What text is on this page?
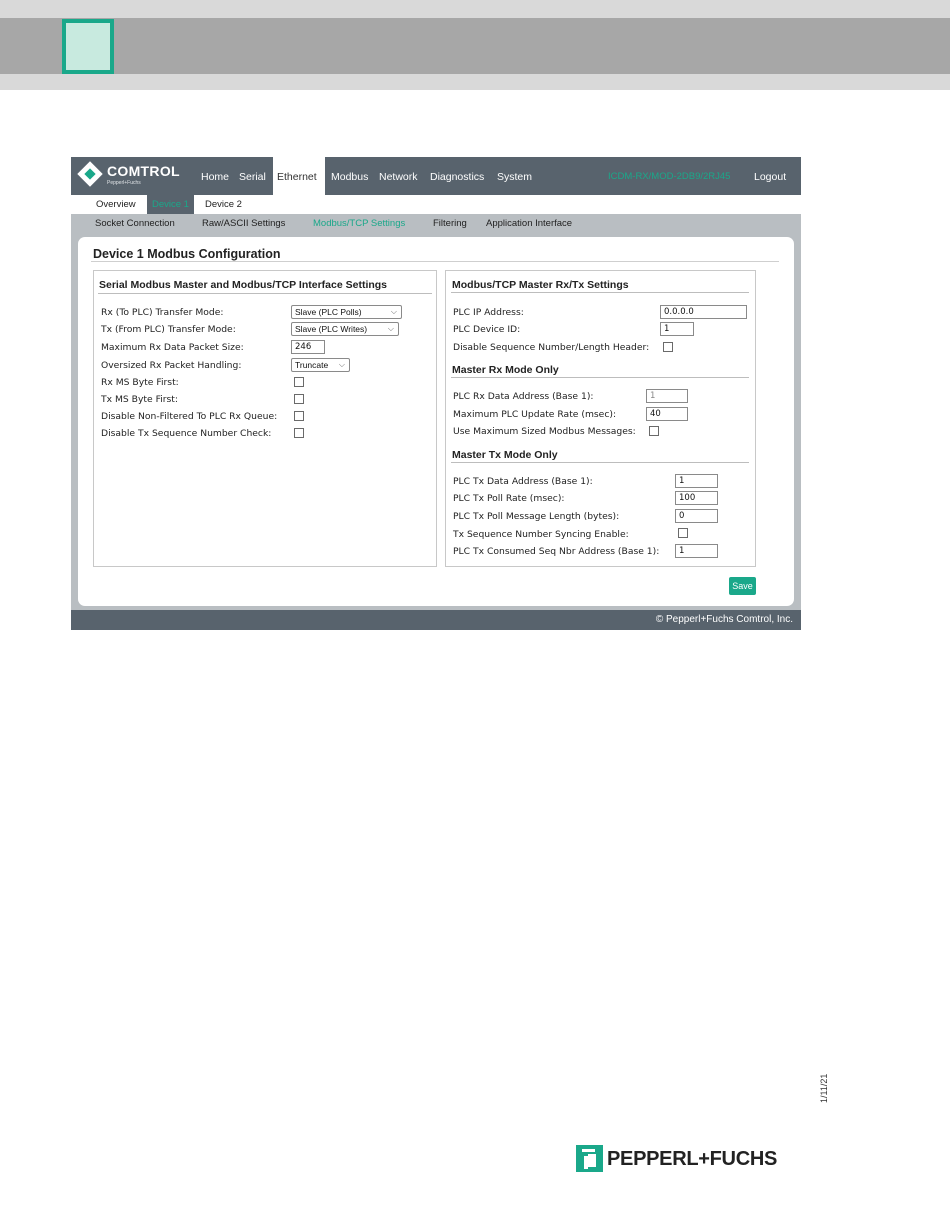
COMTROL
Pepperl+Fuchs	Home Serial	Ethernet	Modbus Network Diagnostics System	ICDM-RX/MOD-2DB9/2RJ45 Logout
Overview	Device 1	Device 2
Socket Connection	Raw/ASCII Settings	Modbus/TCP Settings	Filtering Application Interface
Device 1 Modbus Configuration
Serial Modbus Master and Modbus/TCP Interface Settings
Rx (To PLC) Transfer Mode:	Slave (PLC Polls)	⌵
Tx (From PLC) Transfer Mode:	Slave (PLC Writes)	⌵
Maximum Rx Data Packet Size:	246
Oversized Rx Packet Handling:	Truncate ⌵
Rx MS Byte First:
Tx MS Byte First:
Disable Non-Filtered To PLC Rx Queue:
Disable Tx Sequence Number Check:
Modbus/TCP Master Rx/Tx Settings
PLC IP Address:	0.0.0.0
PLC Device ID:	1
Disable Sequence Number/Length Header:
Master Rx Mode Only
PLC Rx Data Address (Base 1):	1
Maximum PLC Update Rate (msec):	40
Use Maximum Sized Modbus Messages:
Master Tx Mode Only
PLC Tx Data Address (Base 1):	1
PLC Tx Poll Rate (msec):	100
PLC Tx Poll Message Length (bytes):	0
Tx Sequence Number Syncing Enable:
PLC Tx Consumed Seq Nbr Address (Base 1):	1
Save
© Pepperl+Fuchs Comtrol, Inc.
1/11/21
PEPPERL+FUCHS
